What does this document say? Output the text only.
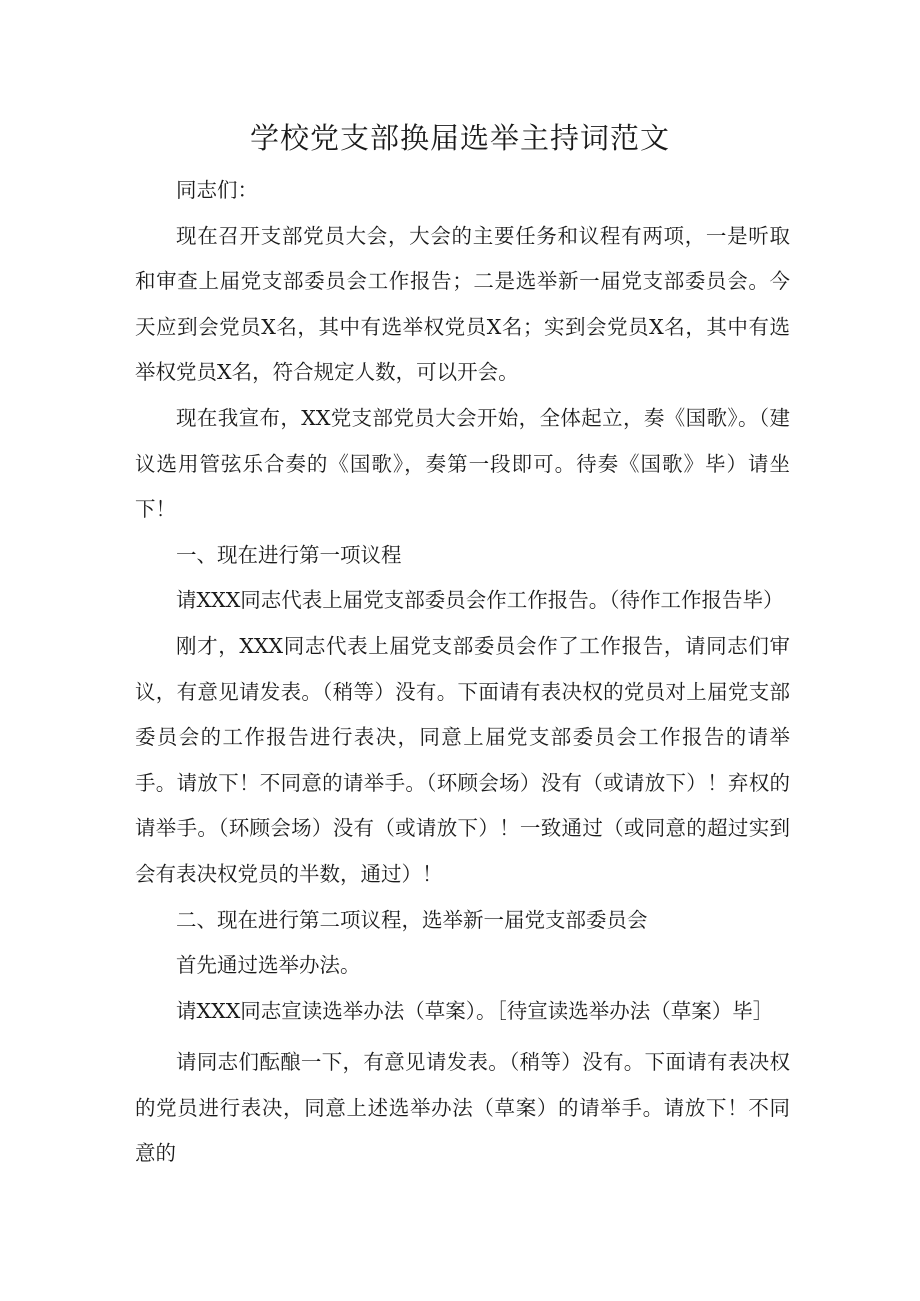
学校党支部换届选举主持词范文

同志们：

现在召开支部党员大会，大会的主要任务和议程有两项，一是听取和审查上届党支部委员会工作报告；二是选举新一届党支部委员会。今天应到会党员X名，其中有选举权党员X名；实到会党员X名，其中有选举权党员X名，符合规定人数，可以开会。

现在我宣布，XX党支部党员大会开始，全体起立，奏《国歌》。（建议选用管弦乐合奏的《国歌》，奏第一段即可。待奏《国歌》毕）请坐下！

一、现在进行第一项议程

请XXX同志代表上届党支部委员会作工作报告。（待作工作报告毕）

刚才，XXX同志代表上届党支部委员会作了工作报告，请同志们审议，有意见请发表。（稍等）没有。下面请有表决权的党员对上届党支部委员会的工作报告进行表决，同意上届党支部委员会工作报告的请举手。请放下！不同意的请举手。（环顾会场）没有（或请放下）！弃权的请举手。（环顾会场）没有（或请放下）！一致通过（或同意的超过实到会有表决权党员的半数，通过）！

二、现在进行第二项议程，选举新一届党支部委员会

首先通过选举办法。

请XXX同志宣读选举办法（草案）。［待宣读选举办法（草案）毕］

请同志们酝酿一下，有意见请发表。（稍等）没有。下面请有表决权的党员进行表决，同意上述选举办法（草案）的请举手。请放下！不同意的
